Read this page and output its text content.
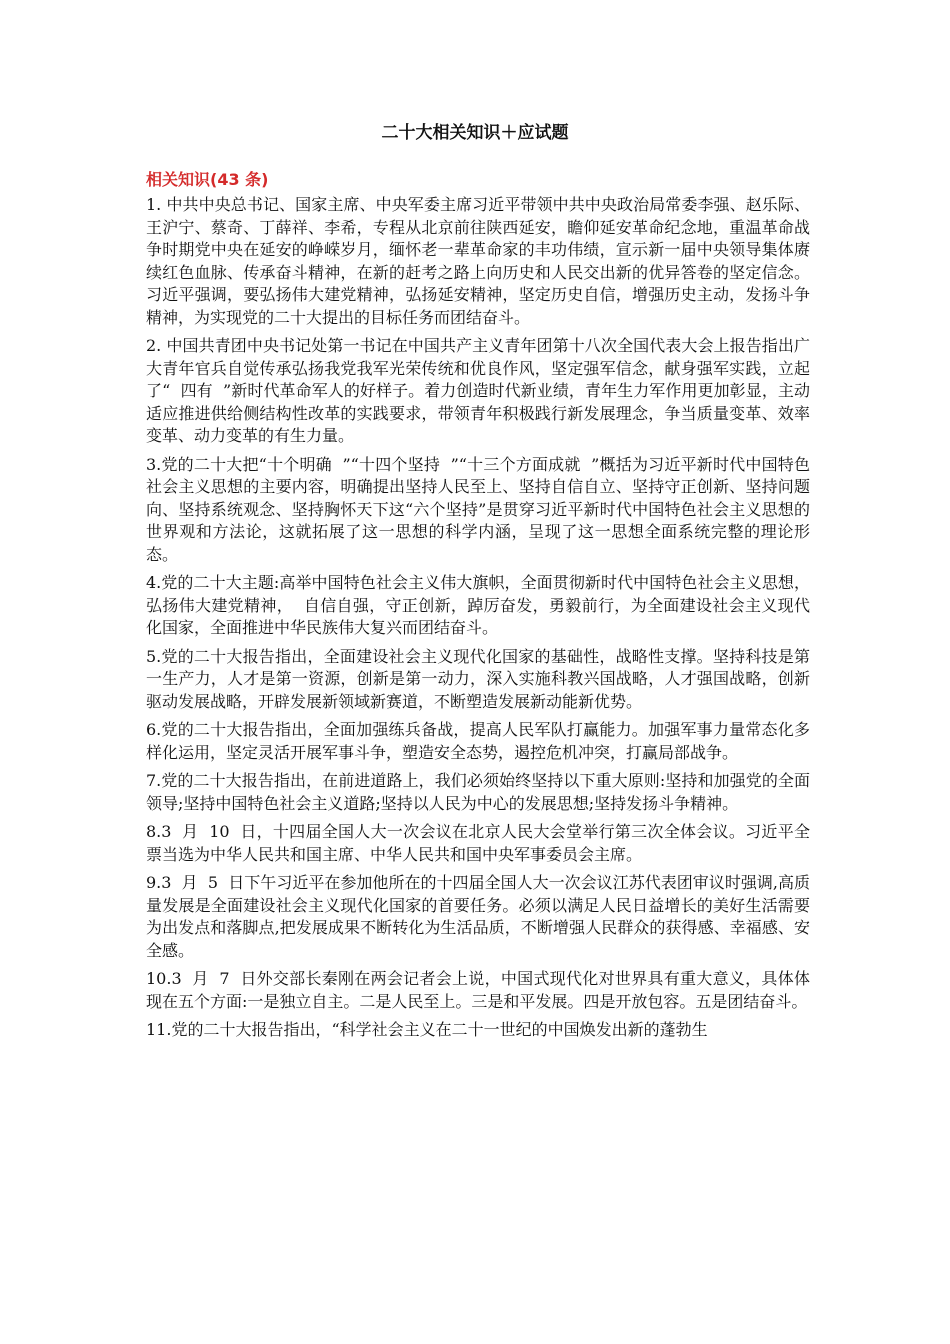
二十大相关知识＋应试题
相关知识(43 条)

1. 中共中央总书记、国家主席、中央军委主席习近平带领中共中央政治局常委李强、赵乐际、王沪宁、蔡奇、丁薛祥、李希，专程从北京前往陕西延安，瞻仰延安革命纪念地，重温革命战争时期党中央在延安的峥嵘岁月，缅怀老一辈革命家的丰功伟绩，宣示新一届中央领导集体赓续红色血脉、传承奋斗精神，在新的赶考之路上向历史和人民交出新的优异答卷的坚定信念。习近平强调，要弘扬伟大建党精神，弘扬延安精神，坚定历史自信，增强历史主动，发扬斗争精神，为实现党的二十大提出的目标任务而团结奋斗。

2. 中国共青团中央书记处第一书记在中国共产主义青年团第十八次全国代表大会上报告指出广大青年官兵自觉传承弘扬我党我军光荣传统和优良作风，坚定强军信念，献身强军实践，立起了“  四有  ”新时代革命军人的好样子。着力创造时代新业绩，青年生力军作用更加彰显，主动适应推进供给侧结构性改革的实践要求，带领青年积极践行新发展理念，争当质量变革、效率变革、动力变革的有生力量。

3.党的二十大把“十个明确  ”“十四个坚持  ”“十三个方面成就  ”概括为习近平新时代中国特色社会主义思想的主要内容，明确提出坚持人民至上、坚持自信自立、坚持守正创新、坚持问题向、坚持系统观念、坚持胸怀天下这“六个坚持”是贯穿习近平新时代中国特色社会主义思想的世界观和方法论，这就拓展了这一思想的科学内涵，呈现了这一思想全面系统完整的理论形态。

4.党的二十大主题:高举中国特色社会主义伟大旗帜，全面贯彻新时代中国特色社会主义思想，弘扬伟大建党精神，  自信自强，守正创新，踔厉奋发，勇毅前行，为全面建设社会主义现代化国家，全面推进中华民族伟大复兴而团结奋斗。

5.党的二十大报告指出，全面建设社会主义现代化国家的基础性，战略性支撑。坚持科技是第一生产力，人才是第一资源，创新是第一动力，深入实施科教兴国战略，人才强国战略，创新驱动发展战略，开辟发展新领域新赛道，不断塑造发展新动能新优势。

6.党的二十大报告指出，全面加强练兵备战，提高人民军队打赢能力。加强军事力量常态化多样化运用，坚定灵活开展军事斗争，塑造安全态势，遏控危机冲突，打赢局部战争。

7.党的二十大报告指出，在前进道路上，我们必须始终坚持以下重大原则:坚持和加强党的全面领导;坚持中国特色社会主义道路;坚持以人民为中心的发展思想;坚持发扬斗争精神。

8.3  月  10  日，十四届全国人大一次会议在北京人民大会堂举行第三次全体会议。习近平全票当选为中华人民共和国主席、中华人民共和国中央军事委员会主席。

9.3  月  5  日下午习近平在参加他所在的十四届全国人大一次会议江苏代表团审议时强调,高质量发展是全面建设社会主义现代化国家的首要任务。必须以满足人民日益增长的美好生活需要为出发点和落脚点,把发展成果不断转化为生活品质，不断增强人民群众的获得感、幸福感、安全感。

10.3  月  7  日外交部长秦刚在两会记者会上说，中国式现代化对世界具有重大意义，具体体现在五个方面:一是独立自主。二是人民至上。三是和平发展。四是开放包容。五是团结奋斗。

11.党的二十大报告指出，“科学社会主义在二十一世纪的中国焕发出新的蓬勃生
